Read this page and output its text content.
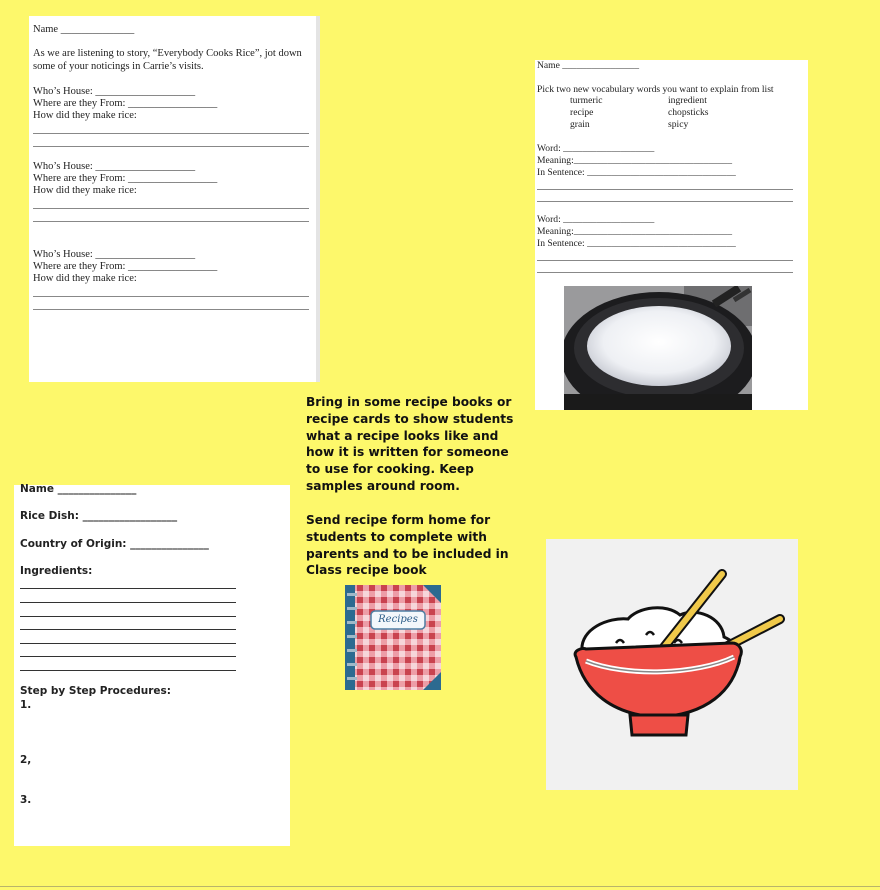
Name ______________
As we are listening to story, “Everybody Cooks Rice”, jot down some of your noticings in Carrie’s visits.
Who’s House: ___________________
Where are they From: _________________
How did they make rice:
Who’s House: ___________________
Where are they From: _________________
How did they make rice:
Who’s House: ___________________
Where are they From: _________________
How did they make rice:
Name ________________
Pick two new vocabulary words you want to explain from list
turmeric	ingredient
recipe	chopsticks
grain	spicy
Word: ___________________
Meaning:_________________________________
In Sentence: _______________________________
Word: ___________________
Meaning:_________________________________
In Sentence: _______________________________
Name _______________
Rice Dish: __________________
Country of Origin: _______________
Ingredients:
Step by Step Procedures:
1.
2,
3.
Bring in some recipe books or recipe cards to show students what a recipe looks like and how it is written for someone to use for cooking. Keep samples around room.
Send recipe form home for students to complete with parents and to be included in Class recipe book
Recipes
